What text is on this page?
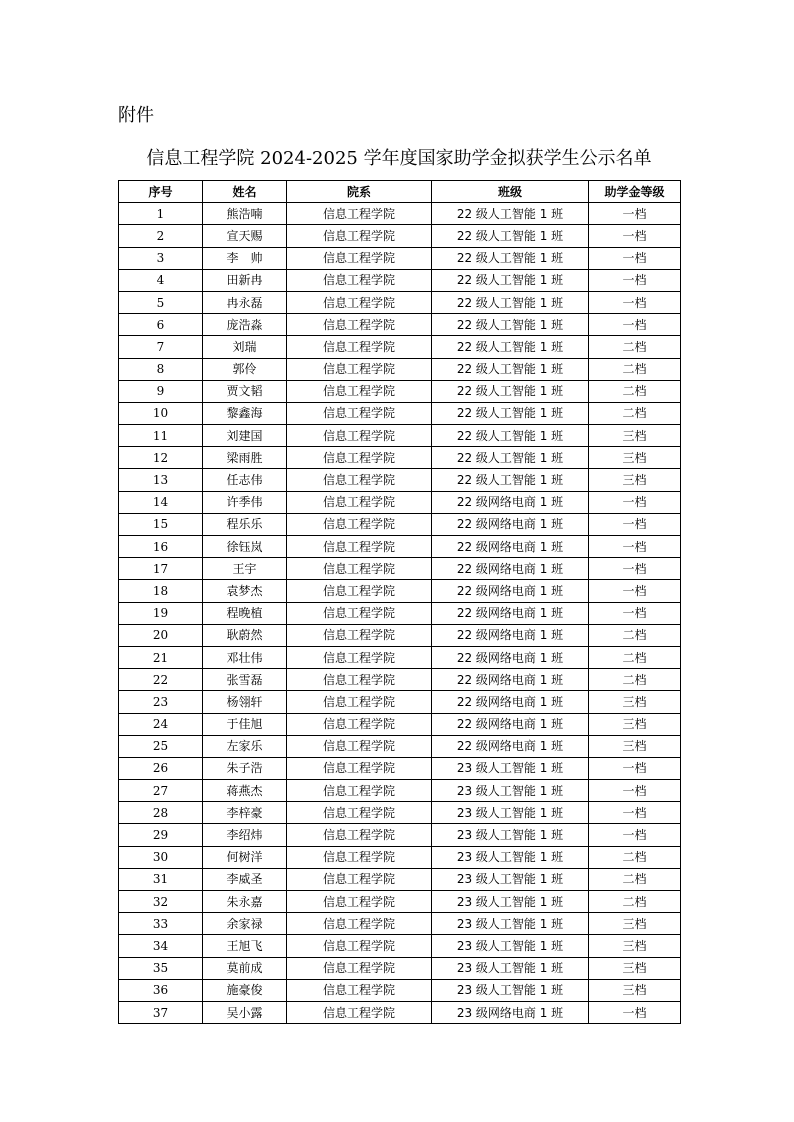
附件
信息工程学院 2024-2025 学年度国家助学金拟获学生公示名单
序号	姓名	院系	班级	助学金等级
1	熊浩喃	信息工程学院	22 级人工智能 1 班	一档
2	宣天赐	信息工程学院	22 级人工智能 1 班	一档
3	李　帅	信息工程学院	22 级人工智能 1 班	一档
4	田新冉	信息工程学院	22 级人工智能 1 班	一档
5	冉永磊	信息工程学院	22 级人工智能 1 班	一档
6	庞浩淼	信息工程学院	22 级人工智能 1 班	一档
7	刘瑞	信息工程学院	22 级人工智能 1 班	二档
8	郭伶	信息工程学院	22 级人工智能 1 班	二档
9	贾文韬	信息工程学院	22 级人工智能 1 班	二档
10	黎鑫海	信息工程学院	22 级人工智能 1 班	二档
11	刘建国	信息工程学院	22 级人工智能 1 班	三档
12	梁雨胜	信息工程学院	22 级人工智能 1 班	三档
13	任志伟	信息工程学院	22 级人工智能 1 班	三档
14	许季伟	信息工程学院	22 级网络电商 1 班	一档
15	程乐乐	信息工程学院	22 级网络电商 1 班	一档
16	徐钰岚	信息工程学院	22 级网络电商 1 班	一档
17	王宇	信息工程学院	22 级网络电商 1 班	一档
18	袁梦杰	信息工程学院	22 级网络电商 1 班	一档
19	程晚植	信息工程学院	22 级网络电商 1 班	一档
20	耿蔚然	信息工程学院	22 级网络电商 1 班	二档
21	邓壮伟	信息工程学院	22 级网络电商 1 班	二档
22	张雪磊	信息工程学院	22 级网络电商 1 班	二档
23	杨翎轩	信息工程学院	22 级网络电商 1 班	三档
24	于佳旭	信息工程学院	22 级网络电商 1 班	三档
25	左家乐	信息工程学院	22 级网络电商 1 班	三档
26	朱子浩	信息工程学院	23 级人工智能 1 班	一档
27	蒋燕杰	信息工程学院	23 级人工智能 1 班	一档
28	李梓豪	信息工程学院	23 级人工智能 1 班	一档
29	李绍炜	信息工程学院	23 级人工智能 1 班	一档
30	何树洋	信息工程学院	23 级人工智能 1 班	二档
31	李威圣	信息工程学院	23 级人工智能 1 班	二档
32	朱永嘉	信息工程学院	23 级人工智能 1 班	二档
33	余家禄	信息工程学院	23 级人工智能 1 班	三档
34	王旭飞	信息工程学院	23 级人工智能 1 班	三档
35	莫前成	信息工程学院	23 级人工智能 1 班	三档
36	施豪俊	信息工程学院	23 级人工智能 1 班	三档
37	吴小露	信息工程学院	23 级网络电商 1 班	一档
